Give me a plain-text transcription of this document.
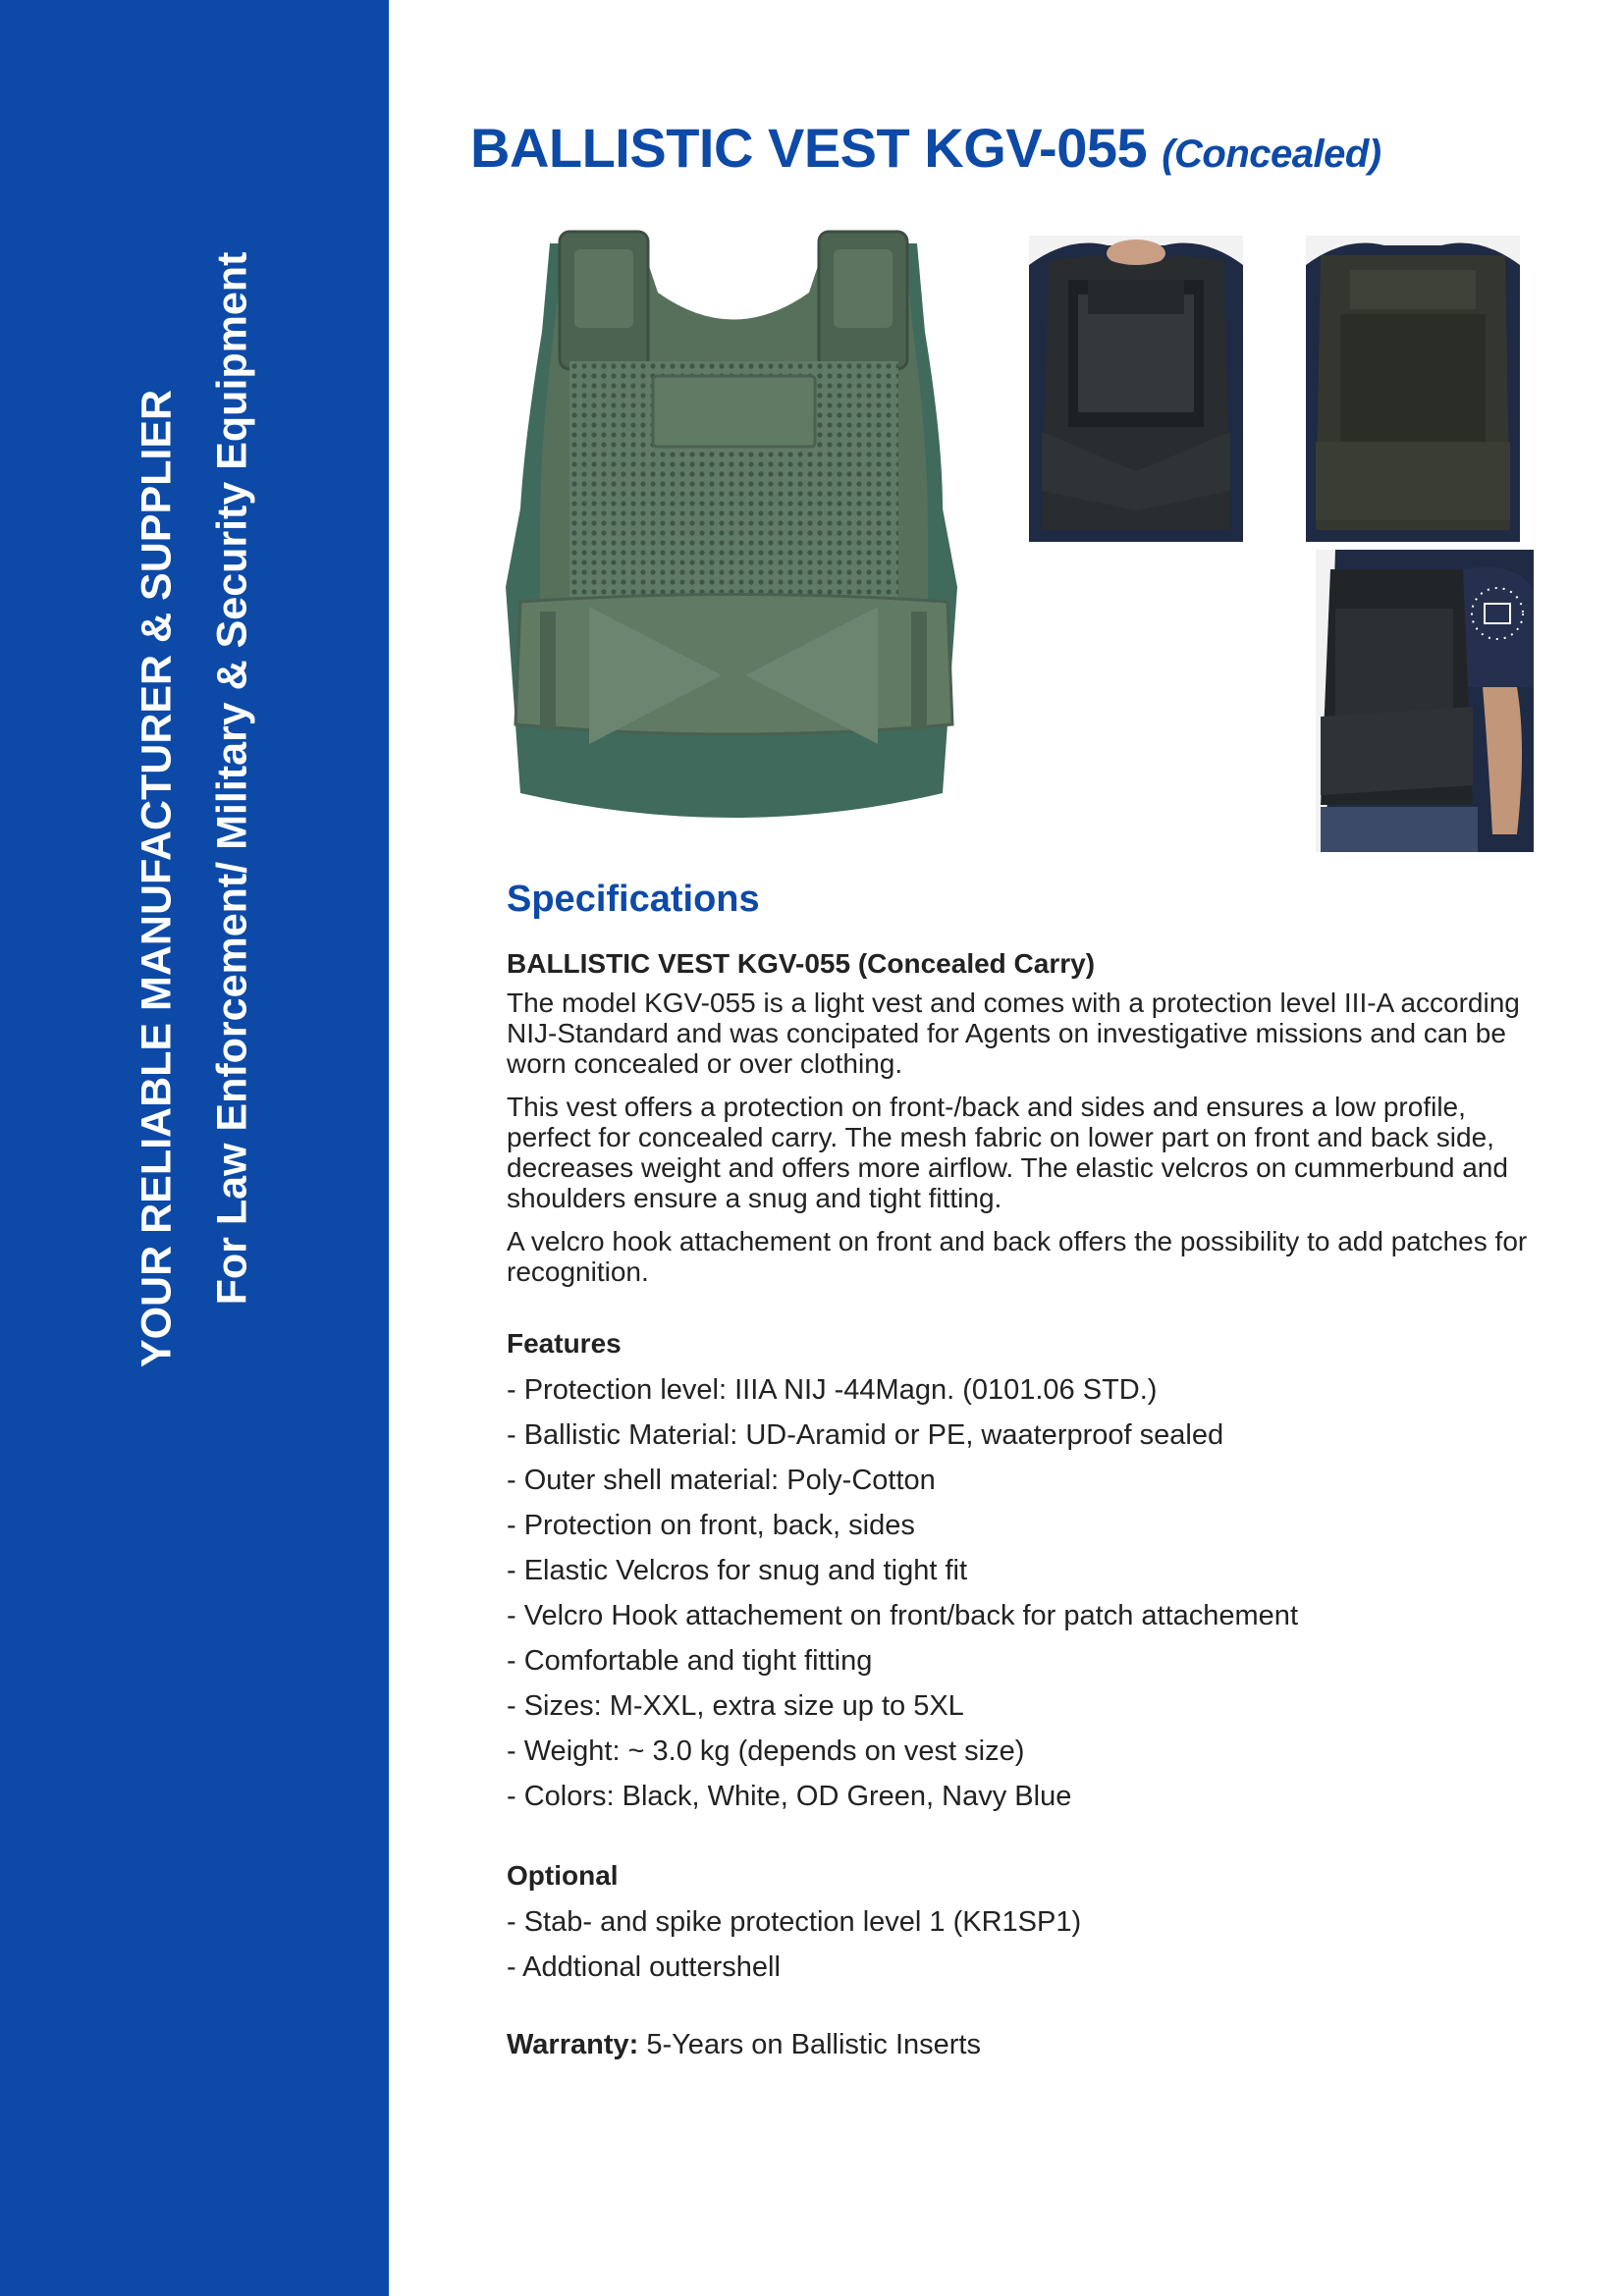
YOUR RELIABLE MANUFACTURER & SUPPLIER For Law Enforcement/ Military & Security Equipment
BALLISTIC VEST KGV-055 (Concealed)
Specifications
BALLISTIC VEST KGV-055 (Concealed Carry)

The model KGV-055 is a light vest and comes with a protection level III-A according NIJ-Standard and was concipated for Agents on investigative missions and can be worn concealed or over clothing.

This vest offers a protection on front-/back and sides and ensures a low profile, perfect for concealed carry. The mesh fabric on lower part on front and back side, decreases weight and offers more airflow. The elastic velcros on cummerbund and shoulders ensure a snug and tight fitting.

A velcro hook attachement on front and back offers the possibility to add patches for recognition.

Features
- Protection level: IIIA NIJ -44Magn. (0101.06 STD.)
- Ballistic Material: UD-Aramid or PE, waaterproof sealed
- Outer shell material: Poly-Cotton
- Protection on front, back, sides
- Elastic Velcros for snug and tight fit
- Velcro Hook attachement on front/back for patch attachement
- Comfortable and tight fitting
- Sizes: M-XXL, extra size up to 5XL
- Weight: ~ 3.0 kg (depends on vest size)
- Colors: Black, White, OD Green, Navy Blue
Optional
- Stab- and spike protection level 1 (KR1SP1)
- Addtional outtershell
Warranty: 5-Years on Ballistic Inserts
